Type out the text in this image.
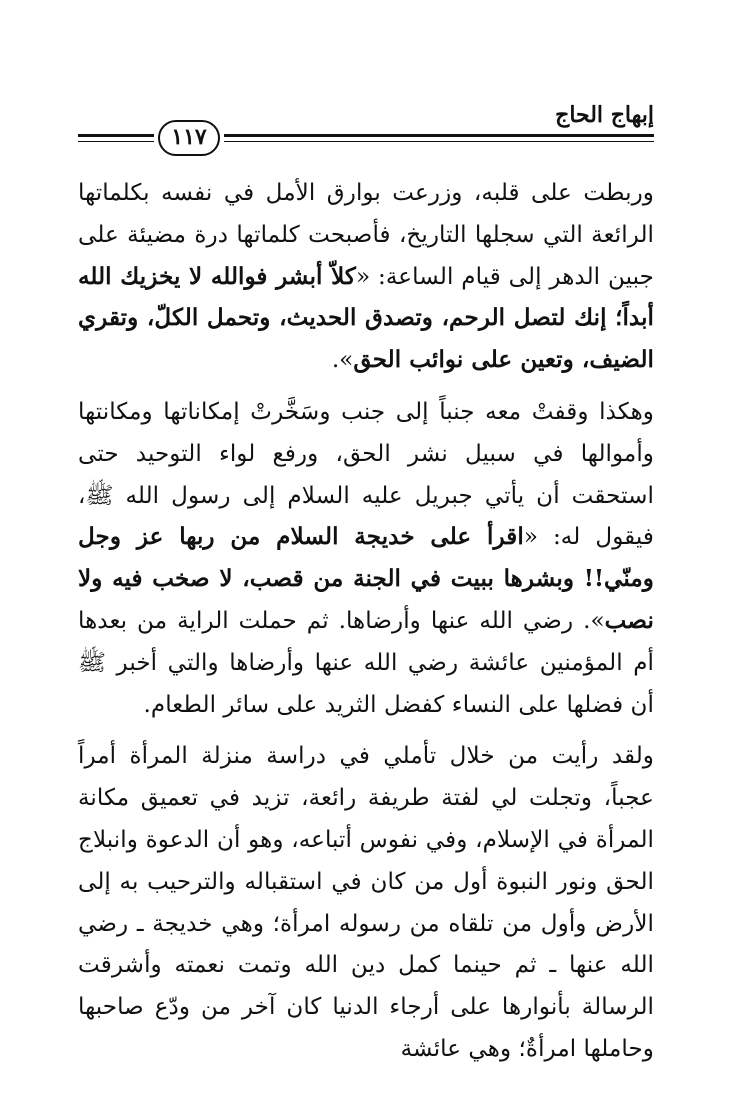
إبهاج الحاج
١١٧

وربطت على قلبه، وزرعت بوارق الأمل في نفسه بكلماتها الرائعة التي سجلها التاريخ، فأصبحت كلماتها درة مضيئة على جبين الدهر إلى قيام الساعة: «كلاّ أبشر فوالله لا يخزيك الله أبداً؛ إنك لتصل الرحم، وتصدق الحديث، وتحمل الكلّ، وتقري الضيف، وتعين على نوائب الحق».

وهكذا وقفتْ معه جنباً إلى جنب وسَخَّرتْ إمكاناتها ومكانتها وأموالها في سبيل نشر الحق، ورفع لواء التوحيد حتى استحقت أن يأتي جبريل عليه السلام إلى رسول الله ﷺ، فيقول له: «اقرأ على خديجة السلام من ربها عز وجل ومنّي!! وبشرها ببيت في الجنة من قصب، لا صخب فيه ولا نصب». رضي الله عنها وأرضاها. ثم حملت الراية من بعدها أم المؤمنين عائشة رضي الله عنها وأرضاها والتي أخبر ﷺ أن فضلها على النساء كفضل الثريد على سائر الطعام.

ولقد رأيت من خلال تأملي في دراسة منزلة المرأة أمراً عجباً، وتجلت لي لفتة طريفة رائعة، تزيد في تعميق مكانة المرأة في الإسلام، وفي نفوس أتباعه، وهو أن الدعوة وانبلاج الحق ونور النبوة أول من كان في استقباله والترحيب به إلى الأرض وأول من تلقاه من رسوله امرأة؛ وهي خديجة ـ رضي الله عنها ـ ثم حينما كمل دين الله وتمت نعمته وأشرقت الرسالة بأنوارها على أرجاء الدنيا كان آخر من ودّع صاحبها وحاملها امرأةٌ؛ وهي عائشة
